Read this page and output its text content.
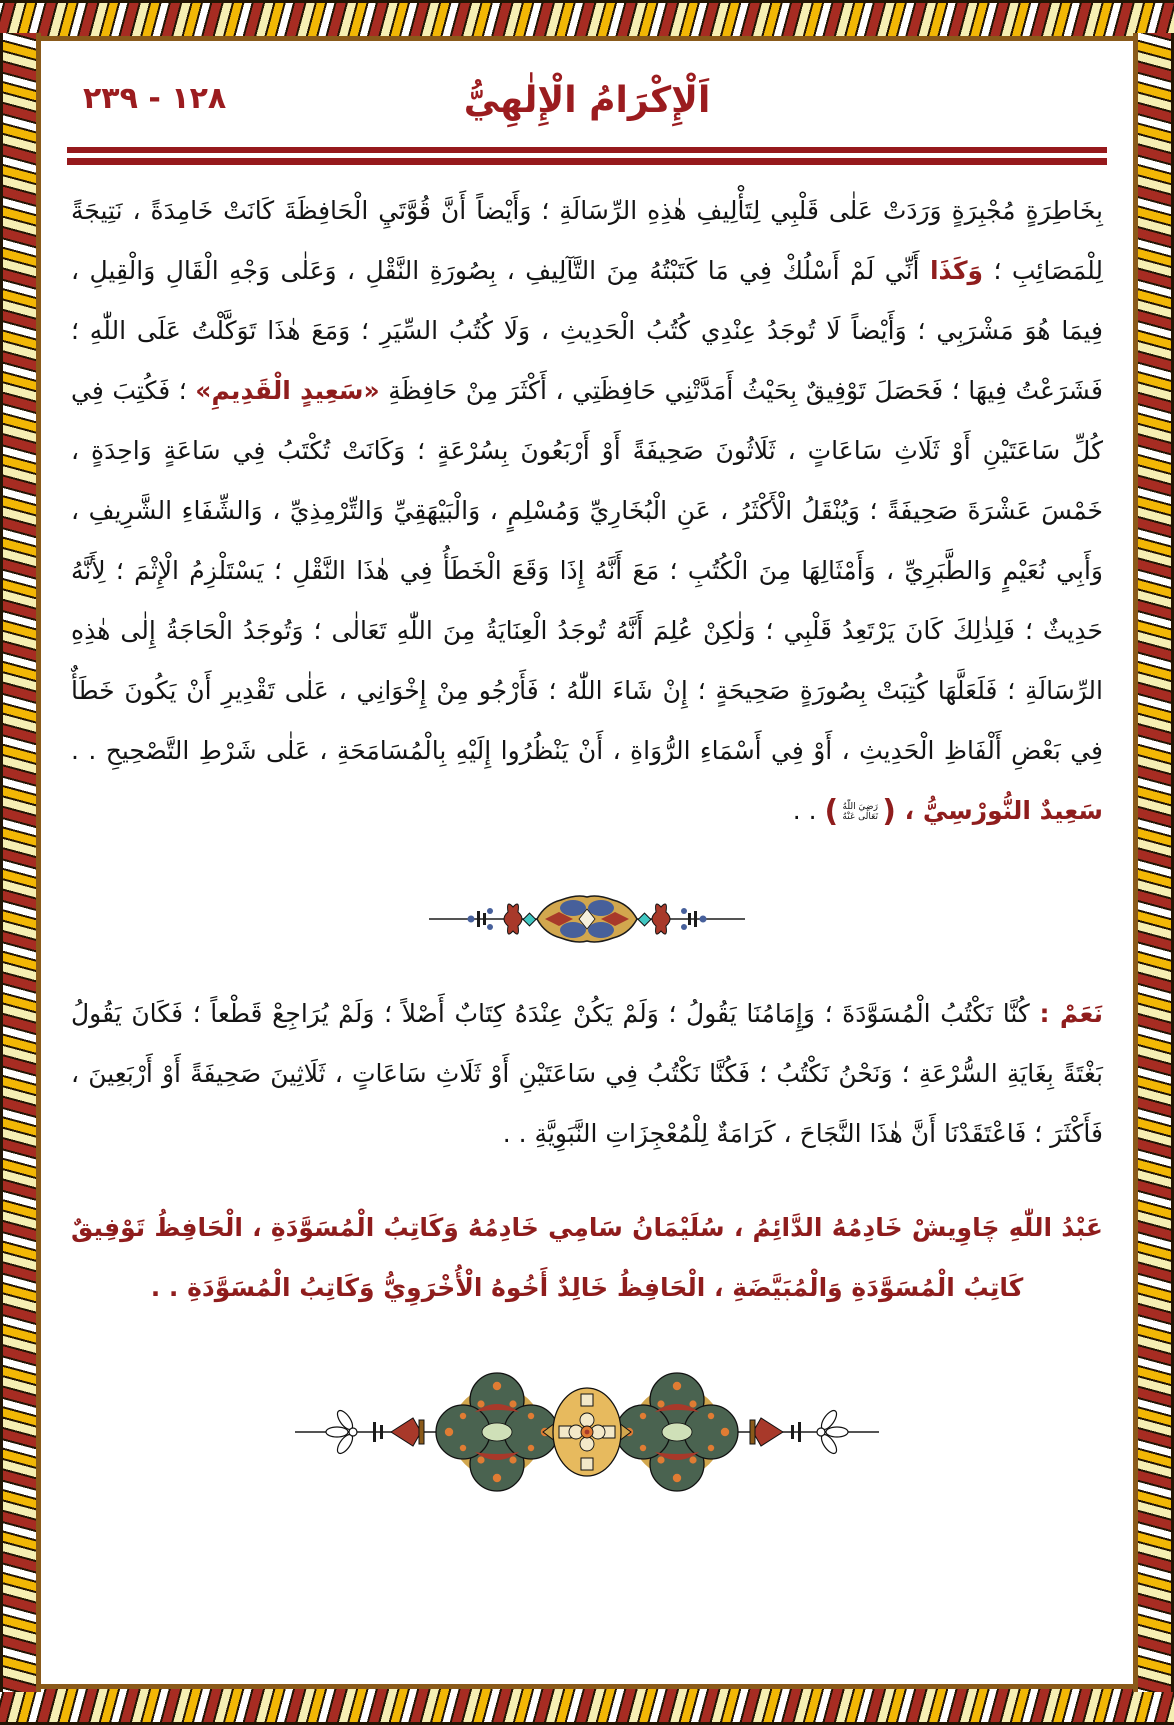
١٢٨ - ٢٣٩	اَلْإِكْرَامُ الْإِلٰهِيُّ

بِخَاطِرَةٍ مُجْبِرَةٍ وَرَدَتْ عَلٰى قَلْبِي لِتَأْلِيفِ هٰذِهِ الرِّسَالَةِ ؛ وَأَيْضاً أَنَّ قُوَّتَيِ الْحَافِظَةَ كَانَتْ خَامِدَةً ، نَتِيجَةً لِلْمَصَائِبِ ؛ وَكَذَا أَنِّي لَمْ أَسْلُكْ فِي مَا كَتَبْتُهُ مِنَ التَّآلِيفِ ، بِصُورَةِ النَّقْلِ ، وَعَلٰى وَجْهِ الْقَالِ وَالْقِيلِ ، فِيمَا هُوَ مَشْرَبِي ؛ وَأَيْضاً لَا تُوجَدُ عِنْدِي كُتُبُ الْحَدِيثِ ، وَلَا كُتُبُ السِّيَرِ ؛ وَمَعَ هٰذَا تَوَكَّلْتُ عَلَى اللّٰهِ ؛ فَشَرَعْتُ فِيهَا ؛ فَحَصَلَ تَوْفِيقٌ بِحَيْثُ أَمَدَّتْنِي حَافِظَتِي ، أَكْثَرَ مِنْ حَافِظَةِ «سَعِيدٍ الْقَدِيمِ» ؛ فَكُتِبَ فِي كُلِّ سَاعَتَيْنِ أَوْ ثَلَاثِ سَاعَاتٍ ، ثَلَاثُونَ صَحِيفَةً أَوْ أَرْبَعُونَ بِسُرْعَةٍ ؛ وَكَانَتْ تُكْتَبُ فِي سَاعَةٍ وَاحِدَةٍ ، خَمْسَ عَشْرَةَ صَحِيفَةً ؛ وَيُنْقَلُ الْأَكْثَرُ ، عَنِ الْبُخَارِيِّ وَمُسْلِمٍ ، وَالْبَيْهَقِيِّ وَالتِّرْمِذِيِّ ، وَالشِّفَاءِ الشَّرِيفِ ، وَأَبِي نُعَيْمٍ وَالطَّبَرِيِّ ، وَأَمْثَالِهَا مِنَ الْكُتُبِ ؛ مَعَ أَنَّهُ إِذَا وَقَعَ الْخَطَأُ فِي هٰذَا النَّقْلِ ؛ يَسْتَلْزِمُ الْإِثْمَ ؛ لِأَنَّهُ حَدِيثٌ ؛ فَلِذٰلِكَ كَانَ يَرْتَعِدُ قَلْبِي ؛ وَلٰكِنْ عُلِمَ أَنَّهُ تُوجَدُ الْعِنَايَةُ مِنَ اللّٰهِ تَعَالٰى ؛ وَتُوجَدُ الْحَاجَةُ إِلٰى هٰذِهِ الرِّسَالَةِ ؛ فَلَعَلَّهَا كُتِبَتْ بِصُورَةٍ صَحِيحَةٍ ؛ إِنْ شَاءَ اللّٰهُ ؛ فَأَرْجُو مِنْ إِخْوَانِي ، عَلٰى تَقْدِيرِ أَنْ يَكُونَ خَطَأٌ فِي بَعْضِ أَلْفَاظِ الْحَدِيثِ ، أَوْ فِي أَسْمَاءِ الرُّوَاةِ ، أَنْ يَنْظُرُوا إِلَيْهِ بِالْمُسَامَحَةِ ، عَلٰى شَرْطِ التَّصْحِيحِ . . سَعِيدٌ النُّورْسِيُّ ، (رَضِيَ اللّٰهُ تَعَالٰى عَنْهُ) . .

نَعَمْ : كُنَّا نَكْتُبُ الْمُسَوَّدَةَ ؛ وَإِمَامُنَا يَقُولُ ؛ وَلَمْ يَكُنْ عِنْدَهُ كِتَابٌ أَصْلاً ؛ وَلَمْ يُرَاجِعْ قَطْعاً ؛ فَكَانَ يَقُولُ بَغْتَةً بِغَايَةِ السُّرْعَةِ ؛ وَنَحْنُ نَكْتُبُ ؛ فَكُنَّا نَكْتُبُ فِي سَاعَتَيْنِ أَوْ ثَلَاثِ سَاعَاتٍ ، ثَلَاثِينَ صَحِيفَةً أَوْ أَرْبَعِينَ ، فَأَكْثَرَ ؛ فَاعْتَقَدْنَا أَنَّ هٰذَا النَّجَاحَ ، كَرَامَةٌ لِلْمُعْجِزَاتِ النَّبَوِيَّةِ . .

عَبْدُ اللّٰهِ چَاوِيشْ خَادِمُهُ الدَّائِمُ ، سُلَيْمَانُ سَامِي خَادِمُهُ وَكَاتِبُ الْمُسَوَّدَةِ ، الْحَافِظُ تَوْفِيقٌ كَاتِبُ الْمُسَوَّدَةِ وَالْمُبَيَّضَةِ ، الْحَافِظُ خَالِدٌ أَخُوهُ الْأُخْرَوِيُّ وَكَاتِبُ الْمُسَوَّدَةِ . .
